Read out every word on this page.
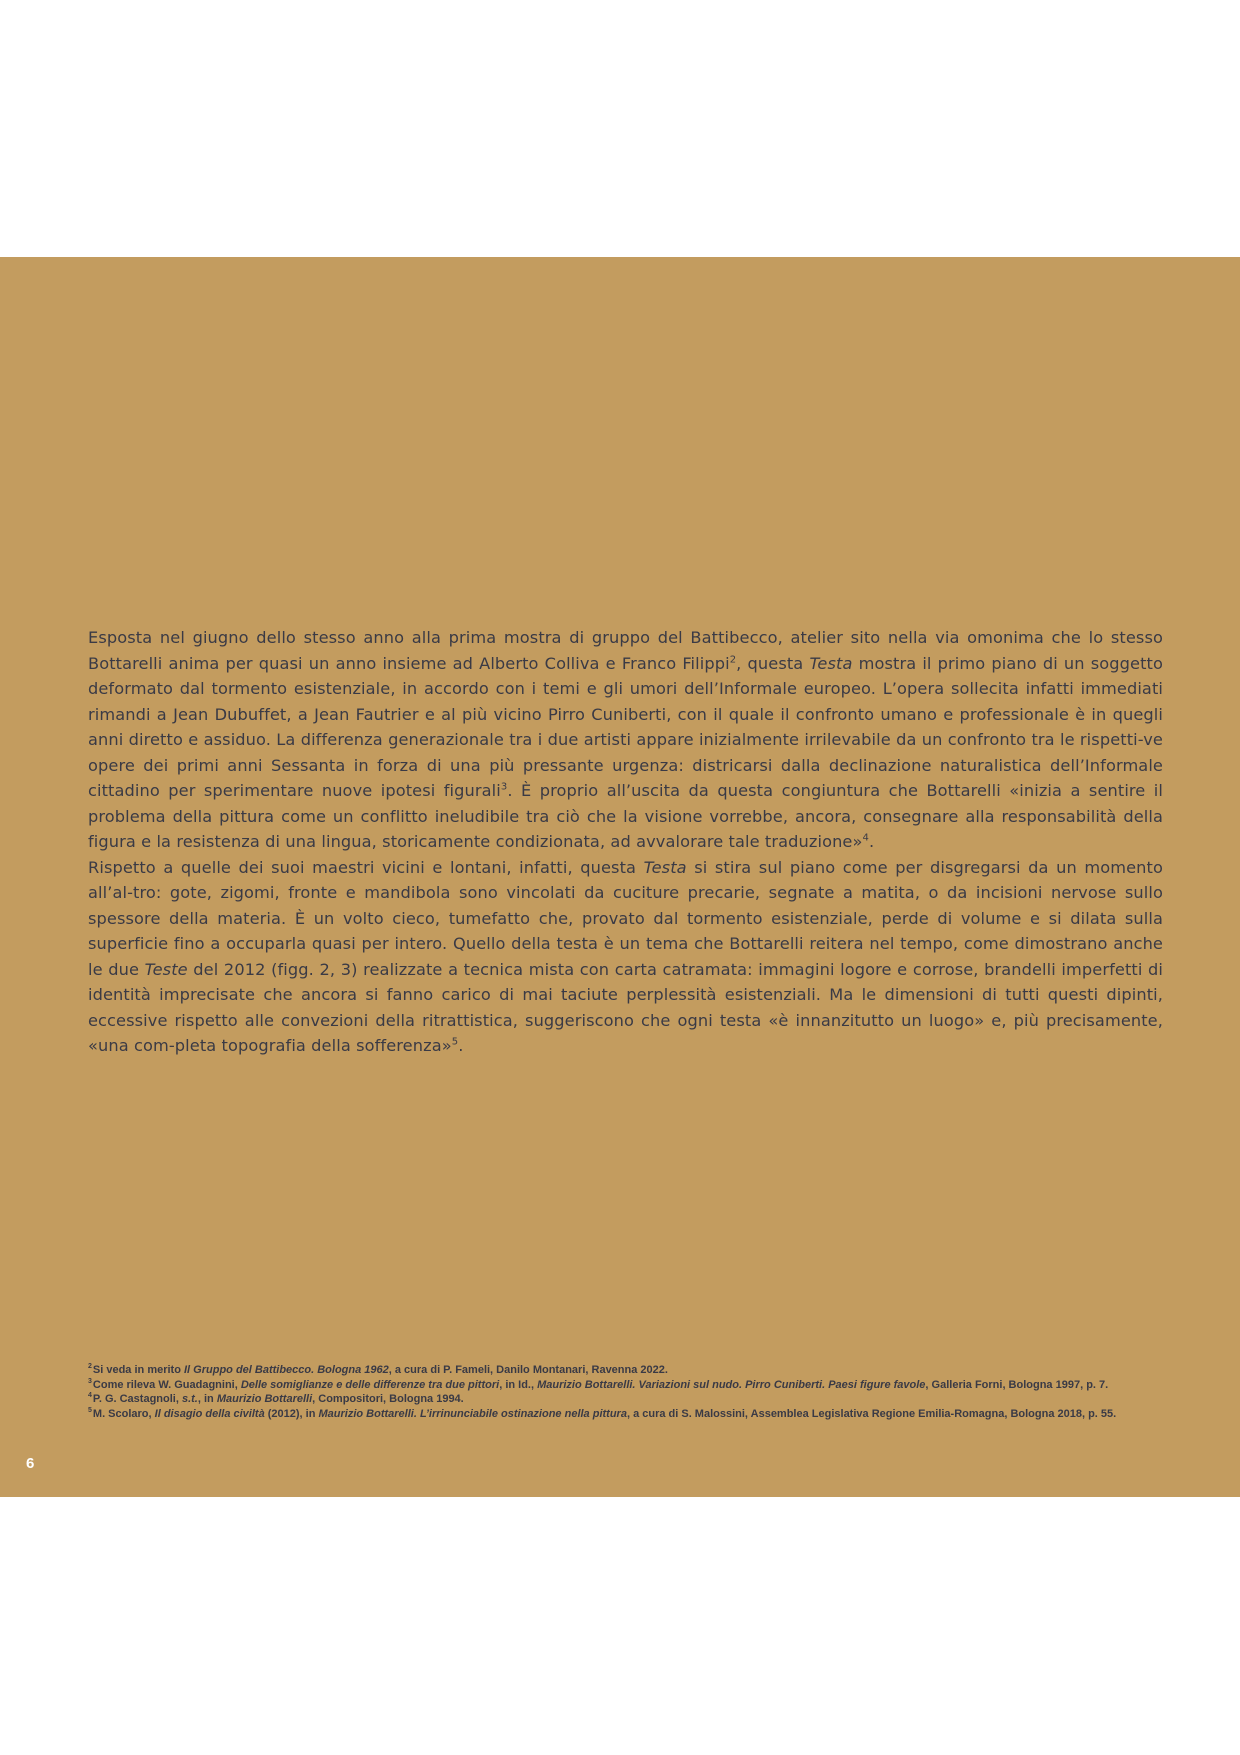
Esposta nel giugno dello stesso anno alla prima mostra di gruppo del Battibecco, atelier sito nella via omonima che lo stesso Bottarelli anima per quasi un anno insieme ad Alberto Colliva e Franco Filippi$^2$, questa Testa mostra il primo piano di un soggetto deformato dal tormento esistenziale, in accordo con i temi e gli umori dell’Informale europeo. L’opera sollecita infatti immediati rimandi a Jean Dubuffet, a Jean Fautrier e al più vicino Pirro Cuniberti, con il quale il confronto umano e professionale è in quegli anni diretto e assiduo. La differenza generazionale tra i due artisti appare inizialmente irrilevabile da un confronto tra le rispetti-ve opere dei primi anni Sessanta in forza di una più pressante urgenza: districarsi dalla declinazione naturalistica dell’Informale cittadino per sperimentare nuove ipotesi figurali$^3$. È proprio all’uscita da questa congiuntura che Bottarelli «inizia a sentire il problema della pittura come un conflitto ineludibile tra ciò che la visione vorrebbe, ancora, consegnare alla responsabilità della figura e la resistenza di una lingua, storicamente condizionata, ad avvalorare tale traduzione»$^4$.

Rispetto a quelle dei suoi maestri vicini e lontani, infatti, questa Testa si stira sul piano come per disgregarsi da un momento all’al-tro: gote, zigomi, fronte e mandibola sono vincolati da cuciture precarie, segnate a matita, o da incisioni nervose sullo spessore della materia. È un volto cieco, tumefatto che, provato dal tormento esistenziale, perde di volume e si dilata sulla superficie fino a occuparla quasi per intero. Quello della testa è un tema che Bottarelli reitera nel tempo, come dimostrano anche le due Teste del 2012 (figg. 2, 3) realizzate a tecnica mista con carta catramata: immagini logore e corrose, brandelli imperfetti di identità imprecisate che ancora si fanno carico di mai taciute perplessità esistenziali. Ma le dimensioni di tutti questi dipinti, eccessive rispetto alle convezioni della ritrattistica, suggeriscono che ogni testa «è innanzitutto un luogo» e, più precisamente, «una com-pleta topografia della sofferenza»$^5$.

$^2$Si veda in merito Il Gruppo del Battibecco. Bologna 1962, a cura di P. Fameli, Danilo Montanari, Ravenna 2022.
$^3$Come rileva W. Guadagnini, Delle somiglianze e delle differenze tra due pittori, in Id., Maurizio Bottarelli. Variazioni sul nudo. Pirro Cuniberti. Paesi figure favole, Galleria Forni, Bologna 1997, p. 7.
$^4$P. G. Castagnoli, s.t., in Maurizio Bottarelli, Compositori, Bologna 1994.
$^5$M. Scolaro, Il disagio della civiltà (2012), in Maurizio Bottarelli. L’irrinunciabile ostinazione nella pittura, a cura di S. Malossini, Assemblea Legislativa Regione Emilia-Romagna, Bologna 2018, p. 55.
6
